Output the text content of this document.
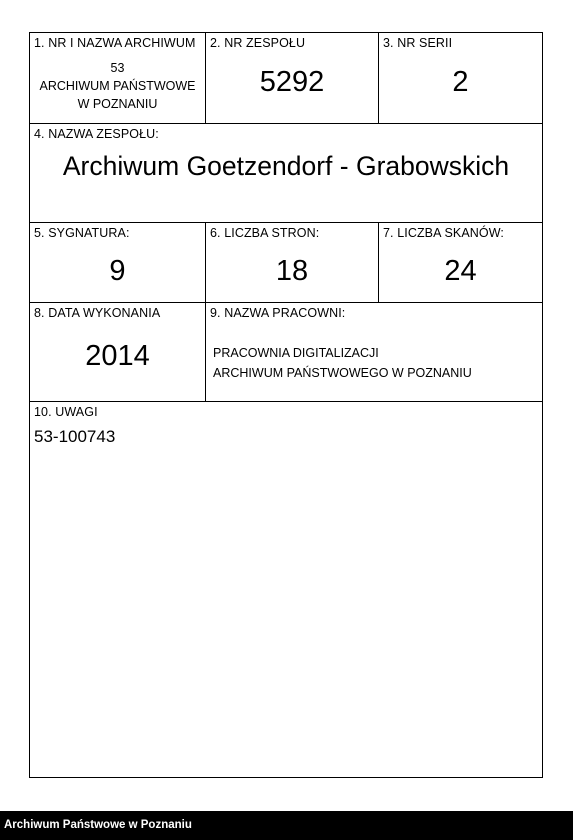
1. NR I NAZWA ARCHIWUM
53
ARCHIWUM PAŃSTWOWE
W POZNANIU
2. NR ZESPOŁU
5292
3. NR SERII
2
4. NAZWA ZESPOŁU:
Archiwum Goetzendorf - Grabowskich
5. SYGNATURA:
9
6. LICZBA STRON:
18
7. LICZBA SKANÓW:
24
8. DATA WYKONANIA
2014
9. NAZWA PRACOWNI:
PRACOWNIA DIGITALIZACJI
ARCHIWUM PAŃSTWOWEGO W POZNANIU
10. UWAGI
53-100743
Archiwum Państwowe w Poznaniu
